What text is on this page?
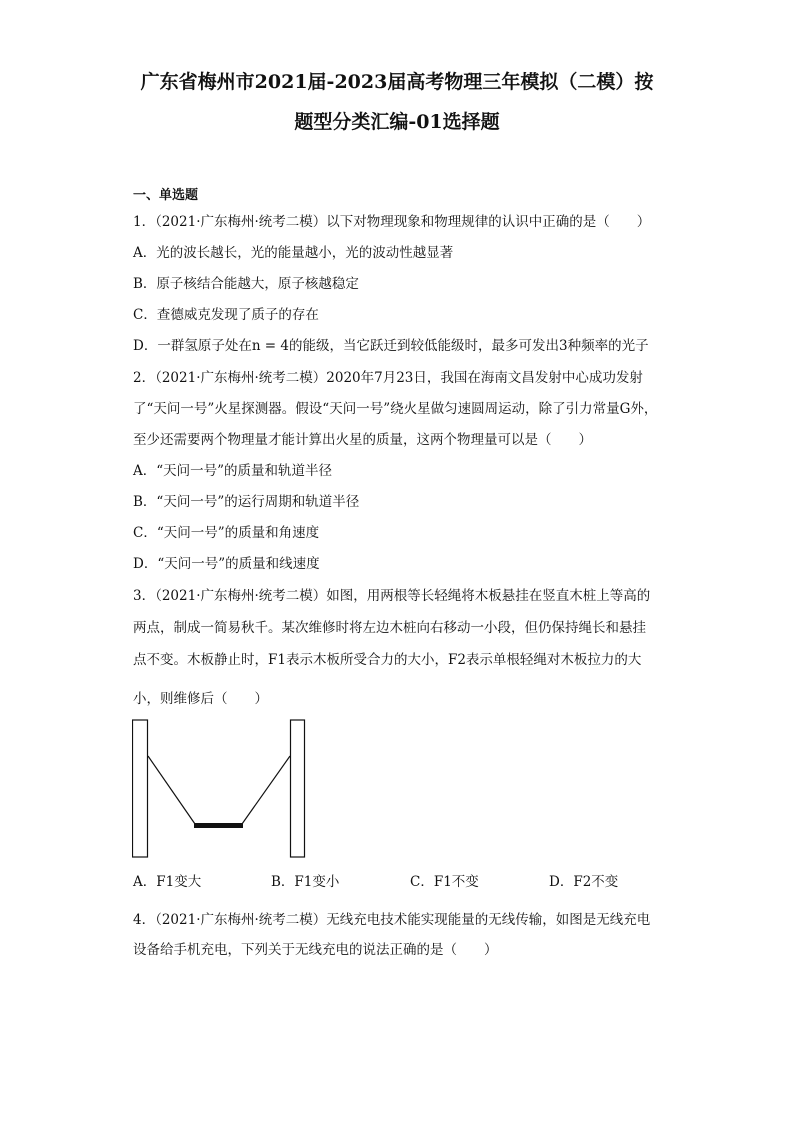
广东省梅州市2021届-2023届高考物理三年模拟（二模）按
题型分类汇编-01选择题
一、单选题
1．（2021·广东梅州·统考二模）以下对物理现象和物理规律的认识中正确的是（　　）
A．光的波长越长，光的能量越小，光的波动性越显著
B．原子核结合能越大，原子核越稳定
C．查德威克发现了质子的存在
D．一群氢原子处在n = 4的能级，当它跃迁到较低能级时，最多可发出3种频率的光子
2．（2021·广东梅州·统考二模）2020年7月23日，我国在海南文昌发射中心成功发射
了“天问一号”火星探测器。假设“天问一号”绕火星做匀速圆周运动，除了引力常量G外，
至少还需要两个物理量才能计算出火星的质量，这两个物理量可以是（　　）
A．“天问一号”的质量和轨道半径
B．“天问一号”的运行周期和轨道半径
C．“天问一号”的质量和角速度
D．“天问一号”的质量和线速度
3．（2021·广东梅州·统考二模）如图，用两根等长轻绳将木板悬挂在竖直木桩上等高的
两点，制成一简易秋千。某次维修时将左边木桩向右移动一小段，但仍保持绳长和悬挂
点不变。木板静止时，F1表示木板所受合力的大小，F2表示单根轻绳对木板拉力的大
小，则维修后（　　）
A．F1变大	B．F1变小	C．F1不变	D．F2不变
4．（2021·广东梅州·统考二模）无线充电技术能实现能量的无线传输，如图是无线充电
设备给手机充电，下列关于无线充电的说法正确的是（　　）
